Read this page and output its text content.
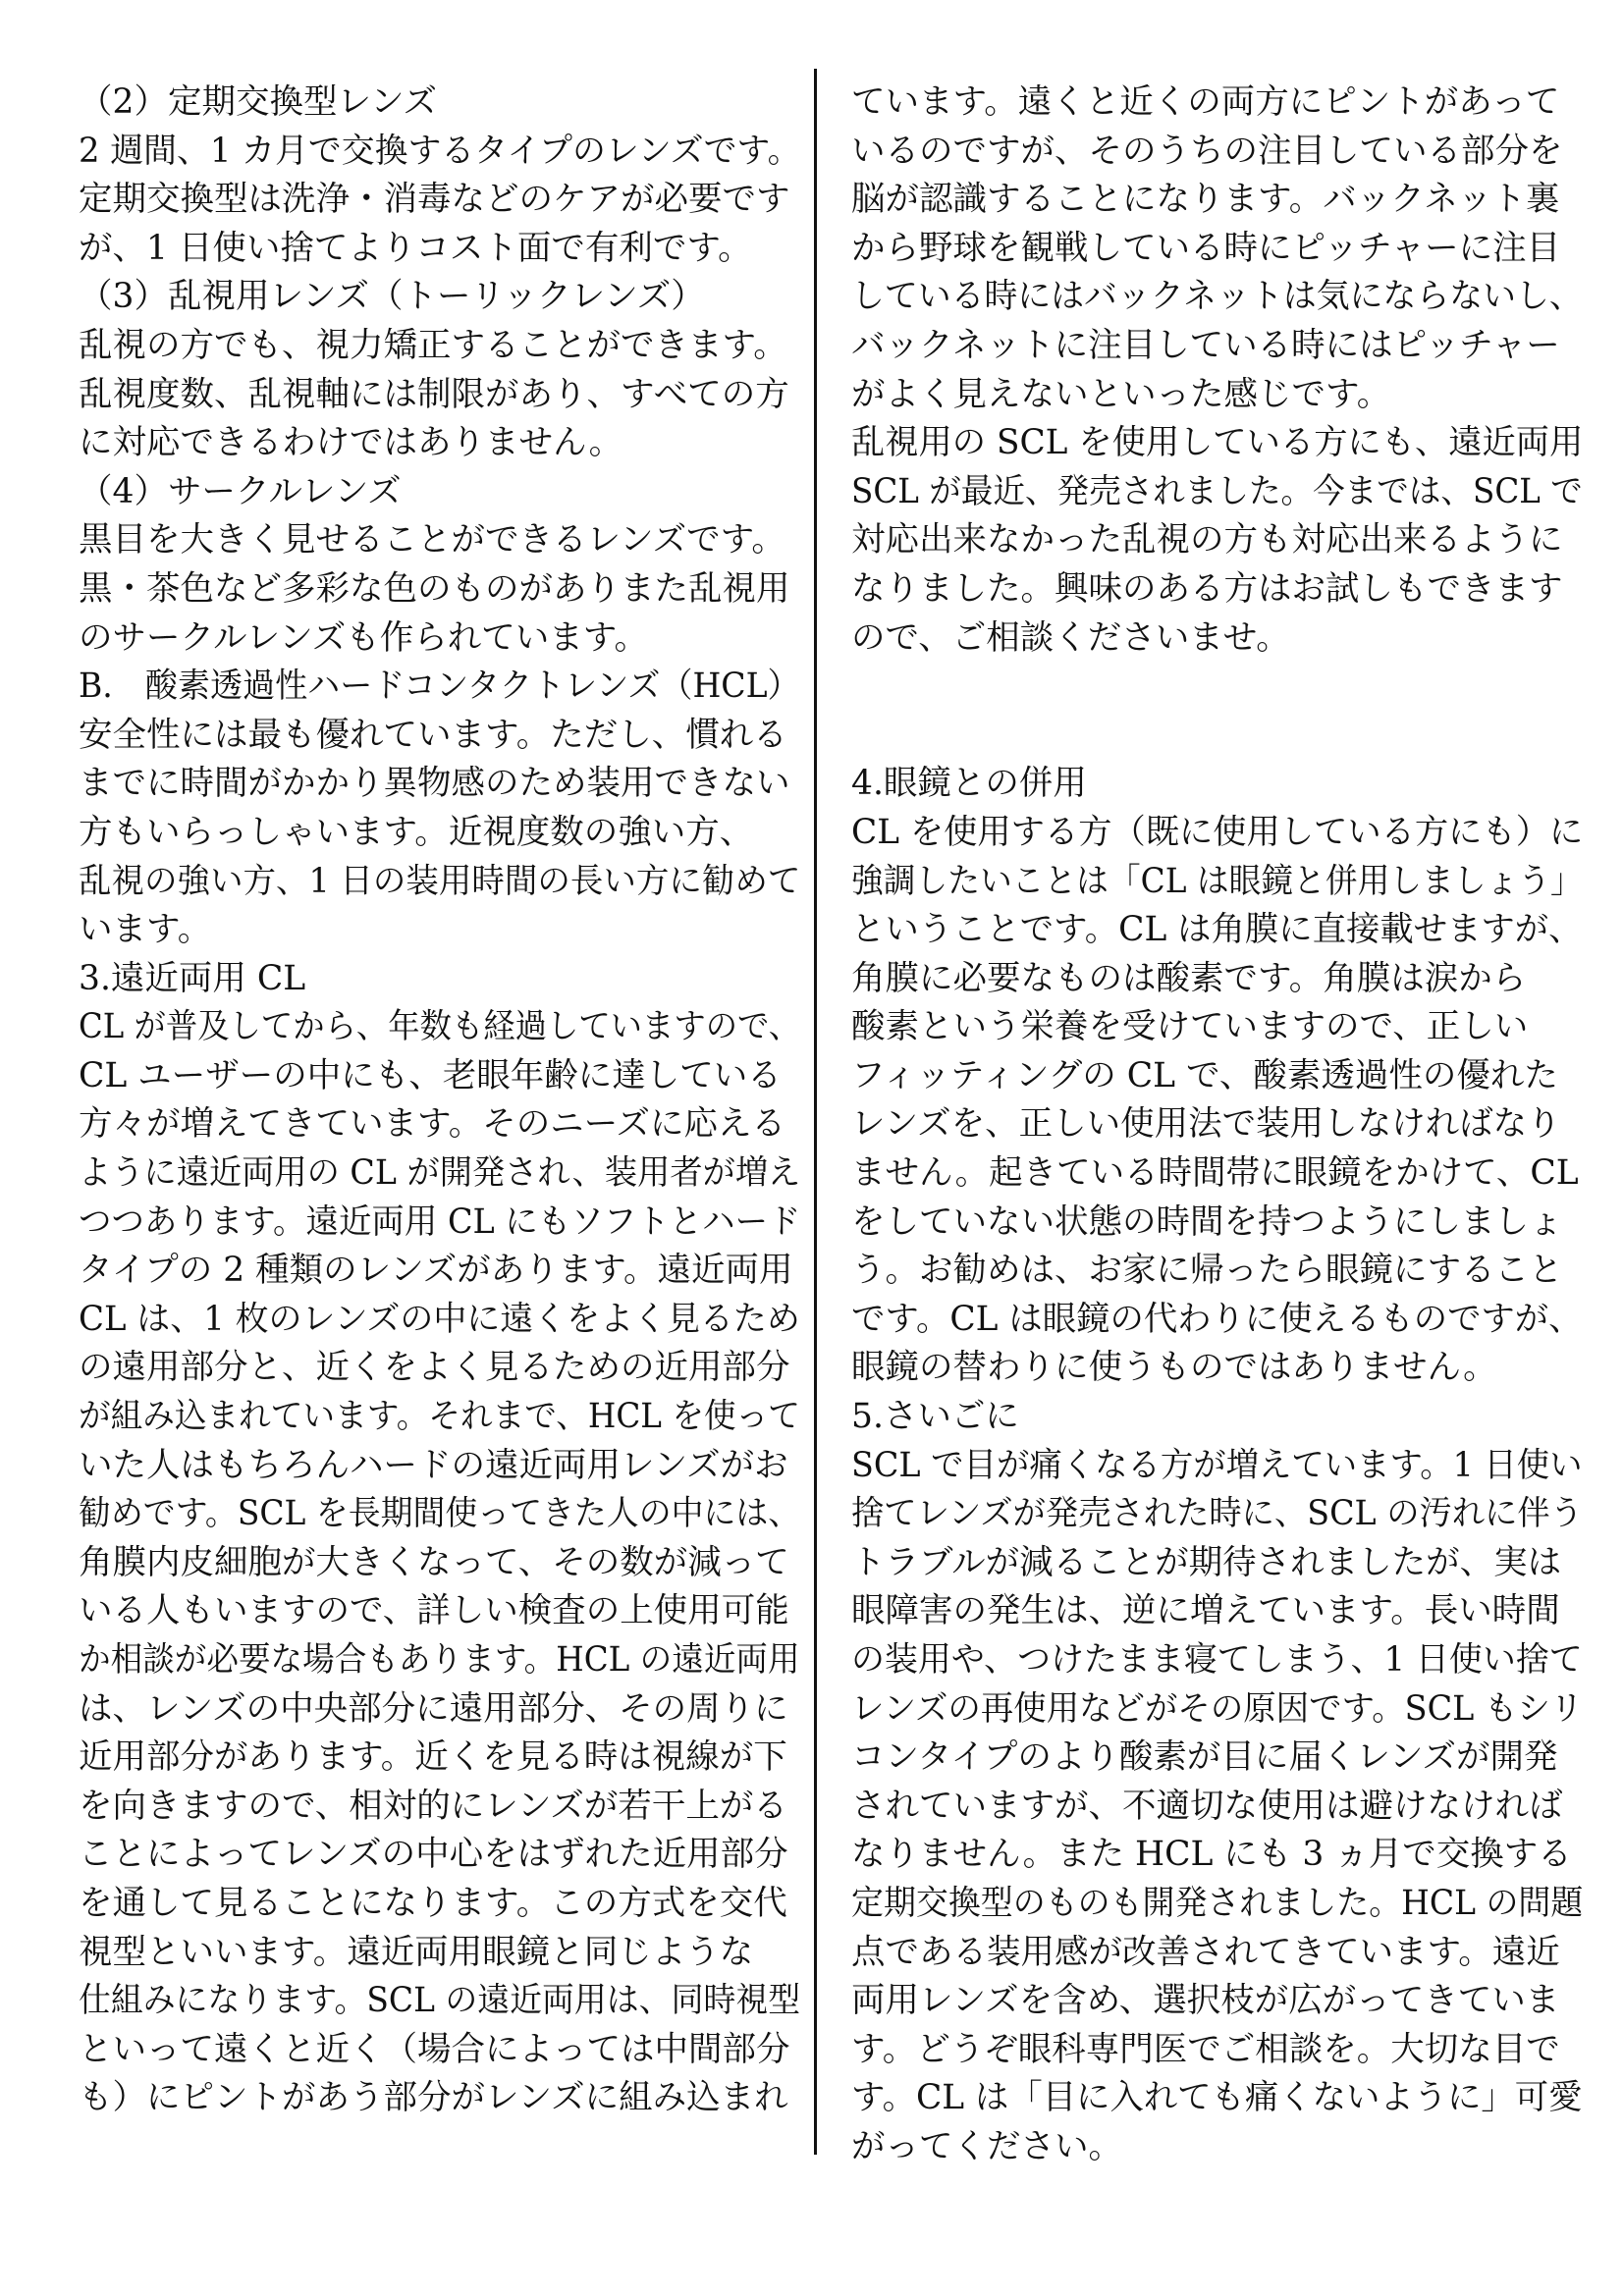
（2）定期交換型レンズ
2 週間、1 カ月で交換するタイプのレンズです。
定期交換型は洗浄・消毒などのケアが必要です
が、1 日使い捨てよりコスト面で有利です。
（3）乱視用レンズ（トーリックレンズ）
乱視の方でも、視力矯正することができます。
乱視度数、乱視軸には制限があり、すべての方
に対応できるわけではありません。
（4）サークルレンズ
黒目を大きく見せることができるレンズです。
黒・茶色など多彩な色のものがありまた乱視用
のサークルレンズも作られています。
B.　酸素透過性ハードコンタクトレンズ（HCL）
安全性には最も優れています。ただし、慣れる
までに時間がかかり異物感のため装用できない
方もいらっしゃいます。近視度数の強い方、
乱視の強い方、1 日の装用時間の長い方に勧めて
います。
3.遠近両用 CL
CL が普及してから、年数も経過していますので、
CL ユーザーの中にも、老眼年齢に達している
方々が増えてきています。そのニーズに応える
ように遠近両用の CL が開発され、装用者が増え
つつあります。遠近両用 CL にもソフトとハード
タイプの 2 種類のレンズがあります。遠近両用
CL は、1 枚のレンズの中に遠くをよく見るため
の遠用部分と、近くをよく見るための近用部分
が組み込まれています。それまで、HCL を使って
いた人はもちろんハードの遠近両用レンズがお
勧めです。SCL を長期間使ってきた人の中には、
角膜内皮細胞が大きくなって、その数が減って
いる人もいますので、詳しい検査の上使用可能
か相談が必要な場合もあります。HCL の遠近両用
は、レンズの中央部分に遠用部分、その周りに
近用部分があります。近くを見る時は視線が下
を向きますので、相対的にレンズが若干上がる
ことによってレンズの中心をはずれた近用部分
を通して見ることになります。この方式を交代
視型といいます。遠近両用眼鏡と同じような
仕組みになります。SCL の遠近両用は、同時視型
といって遠くと近く（場合によっては中間部分
も）にピントがあう部分がレンズに組み込まれ
ています。遠くと近くの両方にピントがあって
いるのですが、そのうちの注目している部分を
脳が認識することになります。バックネット裏
から野球を観戦している時にピッチャーに注目
している時にはバックネットは気にならないし、
バックネットに注目している時にはピッチャー
がよく見えないといった感じです。
乱視用の SCL を使用している方にも、遠近両用
SCL が最近、発売されました。今までは、SCL で
対応出来なかった乱視の方も対応出来るように
なりました。興味のある方はお試しもできます
ので、ご相談くださいませ。
4.眼鏡との併用
CL を使用する方（既に使用している方にも）に
強調したいことは「CL は眼鏡と併用しましょう」
ということです。CL は角膜に直接載せますが、
角膜に必要なものは酸素です。角膜は涙から
酸素という栄養を受けていますので、正しい
フィッティングの CL で、酸素透過性の優れた
レンズを、正しい使用法で装用しなければなり
ません。起きている時間帯に眼鏡をかけて、CL
をしていない状態の時間を持つようにしましょ
う。お勧めは、お家に帰ったら眼鏡にすること
です。CL は眼鏡の代わりに使えるものですが、
眼鏡の替わりに使うものではありません。
5.さいごに
SCL で目が痛くなる方が増えています。1 日使い
捨てレンズが発売された時に、SCL の汚れに伴う
トラブルが減ることが期待されましたが、実は
眼障害の発生は、逆に増えています。長い時間
の装用や、つけたまま寝てしまう、1 日使い捨て
レンズの再使用などがその原因です。SCL もシリ
コンタイプのより酸素が目に届くレンズが開発
されていますが、不適切な使用は避けなければ
なりません。また HCL にも 3 ヵ月で交換する
定期交換型のものも開発されました。HCL の問題
点である装用感が改善されてきています。遠近
両用レンズを含め、選択枝が広がってきていま
す。どうぞ眼科専門医でご相談を。大切な目で
す。CL は「目に入れても痛くないように」可愛
がってください。
